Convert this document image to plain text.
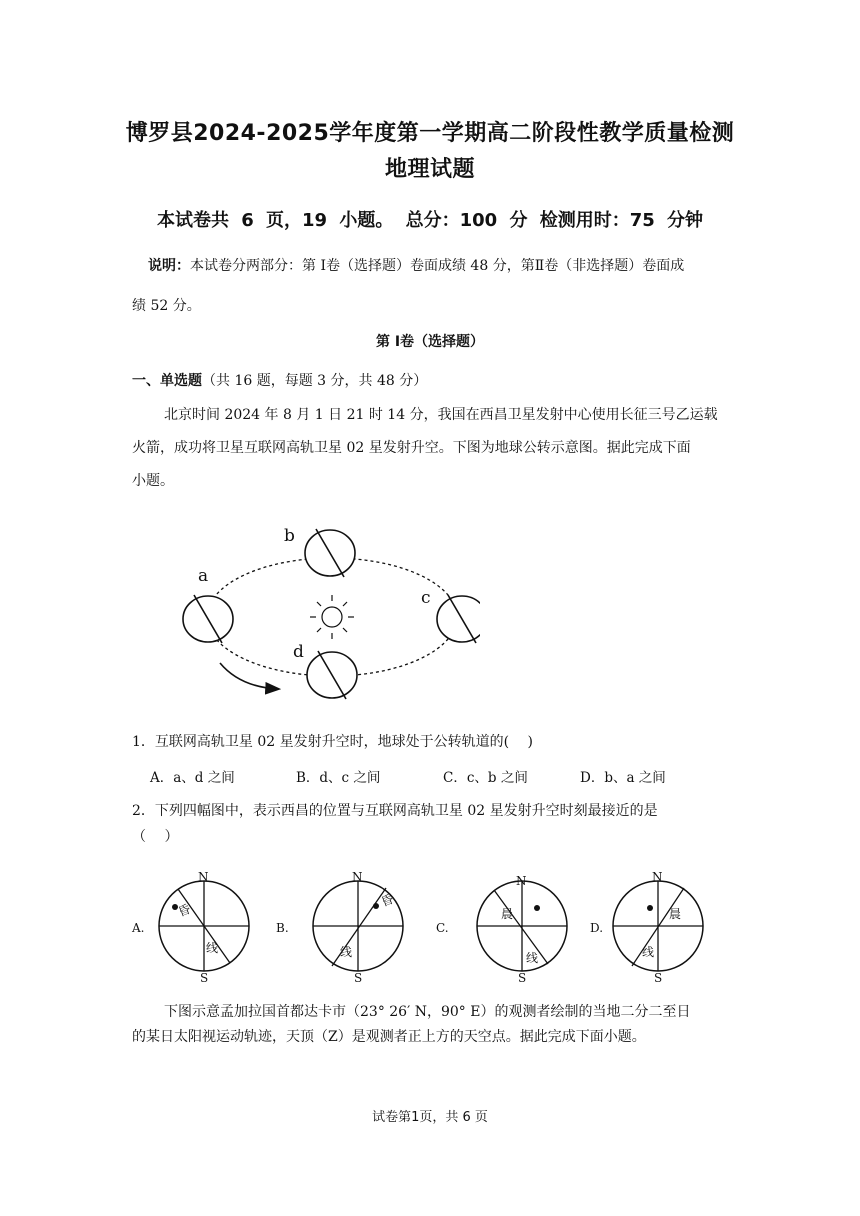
博罗县2024-2025学年度第一学期高二阶段性教学质量检测
地理试题
本试卷共 6 页，19 小题。 总分：100 分 检测用时：75 分钟
说明：本试卷分两部分：第 Ⅰ卷（选择题）卷面成绩 48 分，第Ⅱ卷（非选择题）卷面成
绩 52 分。
第 Ⅰ卷（选择题）
一、单选题（共 16 题，每题 3 分，共 48 分）
北京时间 2024 年 8 月 1 日 21 时 14 分，我国在西昌卫星发射中心使用长征三号乙运载
火箭，成功将卫星互联网高轨卫星 02 星发射升空。下图为地球公转示意图。据此完成下面
小题。
a
b
c
d
1．互联网高轨卫星 02 星发射升空时，地球处于公转轨道的(　 )
A．a、d 之间	B．d、c 之间	C．c、b 之间	D．b、a 之间
2．下列四幅图中，表示西昌的位置与互联网高轨卫星 02 星发射升空时刻最接近的是
（　 ）
A.
N
S
昏
线
B.
N
S
昏
线
C.
N
S
晨
线
D.
N
S
晨
线
下图示意孟加拉国首都达卡市（23° 26′ N，90° E）的观测者绘制的当地二分二至日
的某日太阳视运动轨迹，天顶（Z）是观测者正上方的天空点。据此完成下面小题。
试卷第1页，共 6 页
